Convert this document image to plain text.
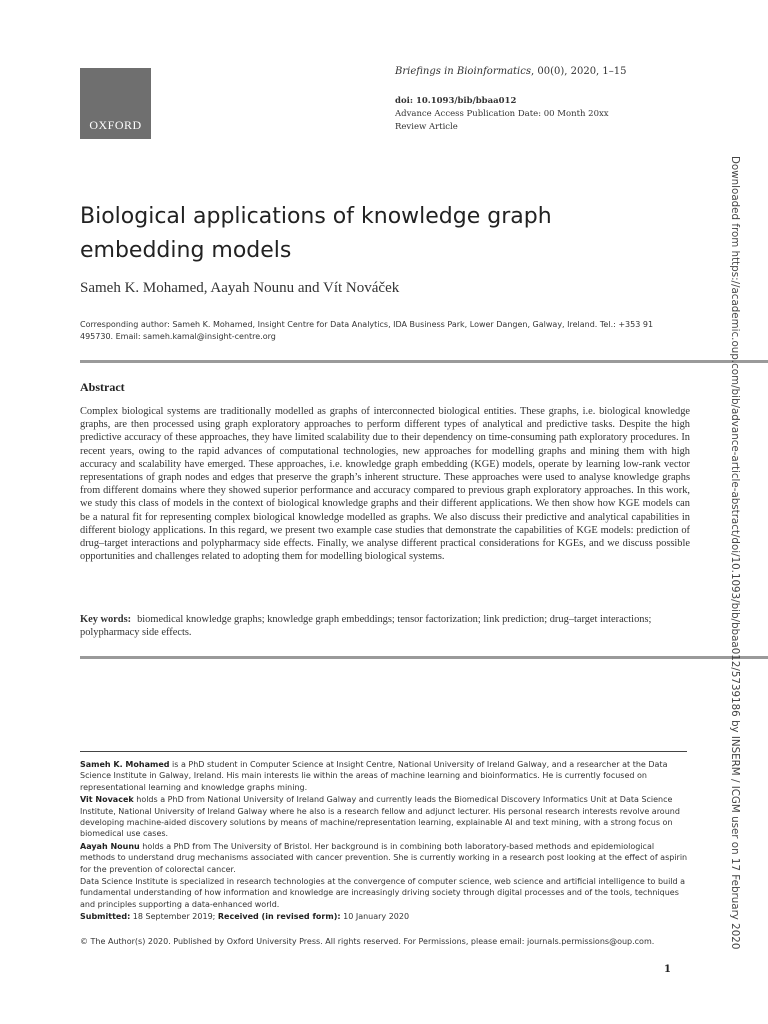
OXFORD
Briefings in Bioinformatics, 00(0), 2020, 1–15
doi: 10.1093/bib/bbaa012
Advance Access Publication Date: 00 Month 20xx
Review Article
Biological applications of knowledge graph embedding models
Sameh K. Mohamed, Aayah Nounu and Vít Nováček
Corresponding author: Sameh K. Mohamed, Insight Centre for Data Analytics, IDA Business Park, Lower Dangen, Galway, Ireland. Tel.: +353 91 495730. Email: sameh.kamal@insight-centre.org
Abstract
Complex biological systems are traditionally modelled as graphs of interconnected biological entities. These graphs, i.e. biological knowledge graphs, are then processed using graph exploratory approaches to perform different types of analytical and predictive tasks. Despite the high predictive accuracy of these approaches, they have limited scalability due to their dependency on time-consuming path exploratory procedures. In recent years, owing to the rapid advances of computational technologies, new approaches for modelling graphs and mining them with high accuracy and scalability have emerged. These approaches, i.e. knowledge graph embedding (KGE) models, operate by learning low-rank vector representations of graph nodes and edges that preserve the graph’s inherent structure. These approaches were used to analyse knowledge graphs from different domains where they showed superior performance and accuracy compared to previous graph exploratory approaches. In this work, we study this class of models in the context of biological knowledge graphs and their different applications. We then show how KGE models can be a natural fit for representing complex biological knowledge modelled as graphs. We also discuss their predictive and analytical capabilities in different biology applications. In this regard, we present two example case studies that demonstrate the capabilities of KGE models: prediction of drug–target interactions and polypharmacy side effects. Finally, we analyse different practical considerations for KGEs, and we discuss possible opportunities and challenges related to adopting them for modelling biological systems.
Key words: biomedical knowledge graphs; knowledge graph embeddings; tensor factorization; link prediction; drug–target interactions; polypharmacy side effects.

Sameh K. Mohamed is a PhD student in Computer Science at Insight Centre, National University of Ireland Galway, and a researcher at the Data Science Institute in Galway, Ireland. His main interests lie within the areas of machine learning and bioinformatics. He is currently focused on representational learning and knowledge graphs mining.

Vit Novacek holds a PhD from National University of Ireland Galway and currently leads the Biomedical Discovery Informatics Unit at Data Science Institute, National University of Ireland Galway where he also is a research fellow and adjunct lecturer. His personal research interests revolve around developing machine-aided discovery solutions by means of machine/representation learning, explainable AI and text mining, with a strong focus on biomedical use cases.

Aayah Nounu holds a PhD from The University of Bristol. Her background is in combining both laboratory-based methods and epidemiological methods to understand drug mechanisms associated with cancer prevention. She is currently working in a research post looking at the effect of aspirin for the prevention of colorectal cancer.

Data Science Institute is specialized in research technologies at the convergence of computer science, web science and artificial intelligence to build a fundamental understanding of how information and knowledge are increasingly driving society through digital processes and of the tools, techniques and principles supporting a data-enhanced world.

Submitted: 18 September 2019; Received (in revised form): 10 January 2020

© The Author(s) 2020. Published by Oxford University Press. All rights reserved. For Permissions, please email: journals.permissions@oup.com.
1
Downloaded from https://academic.oup.com/bib/advance-article-abstract/doi/10.1093/bib/bbaa012/5739186 by INSERM / ICGM user on 17 February 2020
